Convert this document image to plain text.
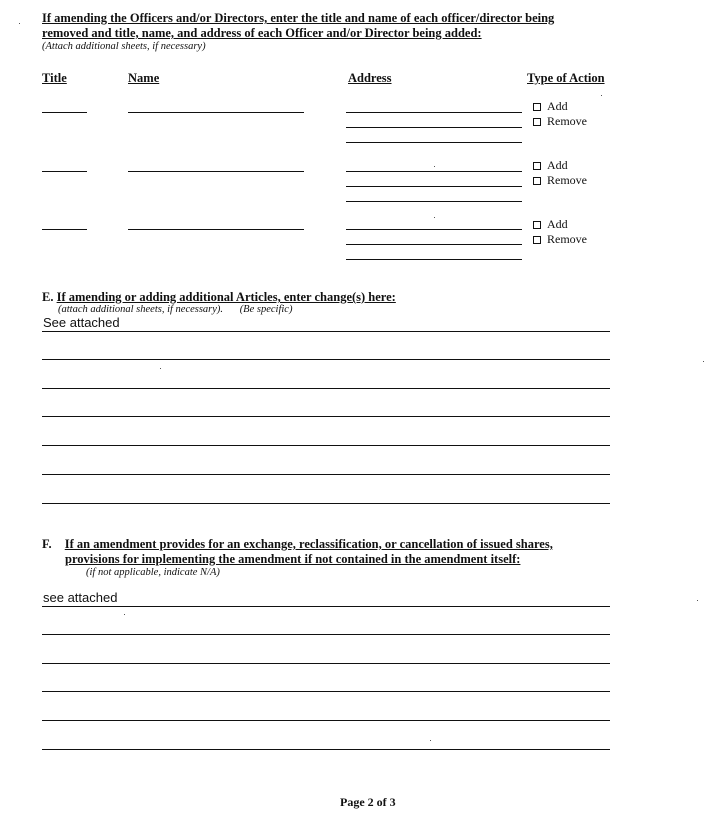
If amending the Officers and/or Directors, enter the title and name of each officer/director being
removed and title, name, and address of each Officer and/or Director being added:
(Attach additional sheets, if necessary)
Title	Name	Address	Type of Action
Add
Remove
Add
Remove
Add
Remove
E. If amending or adding additional Articles, enter change(s) here:
(attach additional sheets, if necessary). (Be specific)
See attached
F. If an amendment provides for an exchange, reclassification, or cancellation of issued shares,
provisions for implementing the amendment if not contained in the amendment itself:
(if not applicable, indicate N/A)
see attached
Page 2 of 3
